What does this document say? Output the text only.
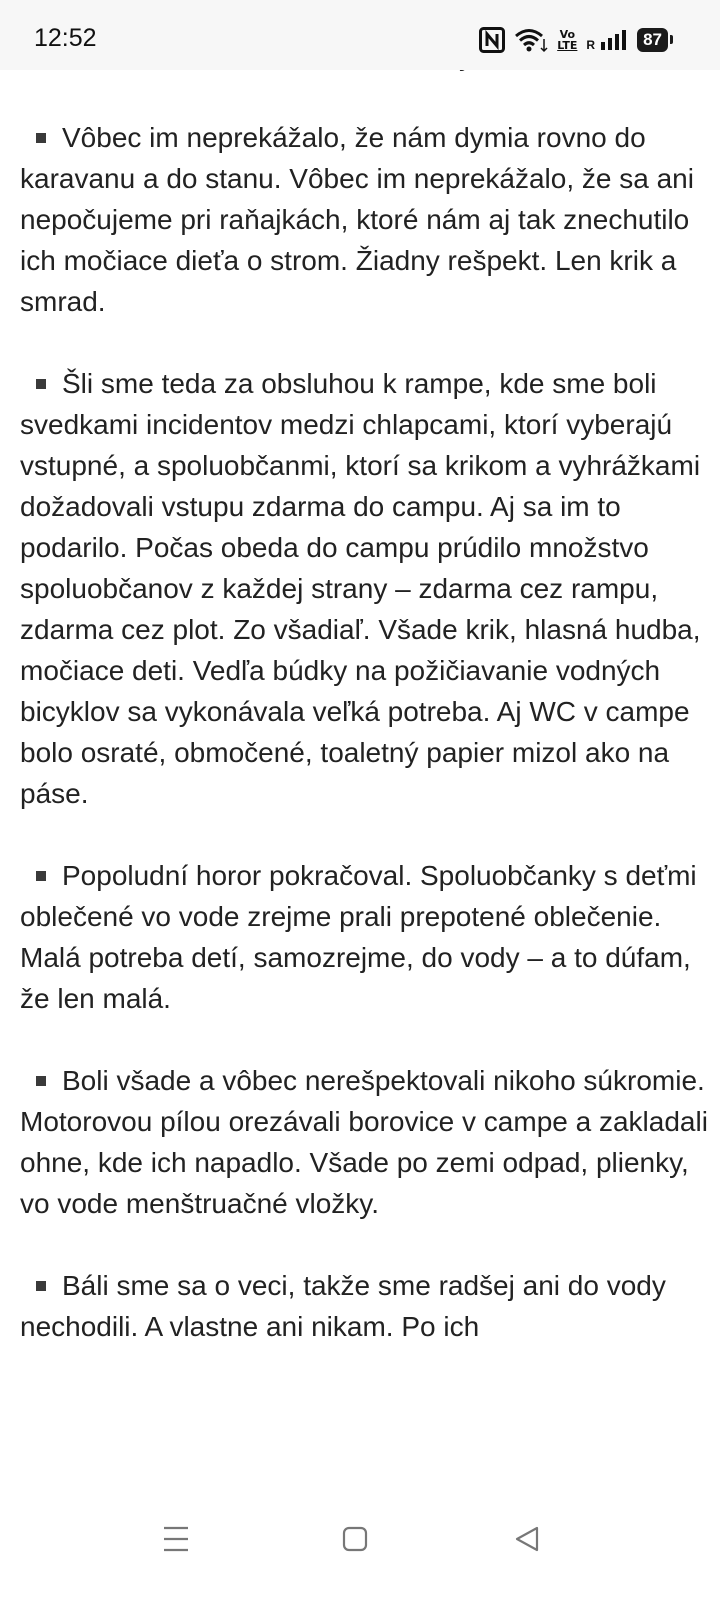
12:52	Vo
LTE R	87

Vôbec im neprekážalo, že nám dymia rovno do karavanu a do stanu. Vôbec im neprekážalo, že sa ani nepočujeme pri raňajkách, ktoré nám aj tak znechutilo ich močiace dieťa o strom. Žiadny rešpekt. Len krik a smrad.

Šli sme teda za obsluhou k rampe, kde sme boli svedkami incidentov medzi chlapcami, ktorí vyberajú vstupné, a spoluobčanmi, ktorí sa krikom a vyhrážkami dožadovali vstupu zdarma do campu. Aj sa im to podarilo. Počas obeda do campu prúdilo množstvo spoluobčanov z každej strany – zdarma cez rampu, zdarma cez plot. Zo všadiaľ. Všade krik, hlasná hudba, močiace deti. Vedľa búdky na požičiavanie vodných bicyklov sa vykonávala veľká potreba. Aj WC v campe bolo osraté, območené, toaletný papier mizol ako na páse.

Popoludní horor pokračoval. Spoluobčanky s deťmi oblečené vo vode zrejme prali prepotené oblečenie. Malá potreba detí, samozrejme, do vody – a to dúfam, že len malá.

Boli všade a vôbec nerešpektovali nikoho súkromie. Motorovou pílou orezávali borovice v campe a zakladali ohne, kde ich napadlo. Všade po zemi odpad, plienky, vo vode menštruačné vložky.

Báli sme sa o veci, takže sme radšej ani do vody nechodili. A vlastne ani nikam. Po ich
